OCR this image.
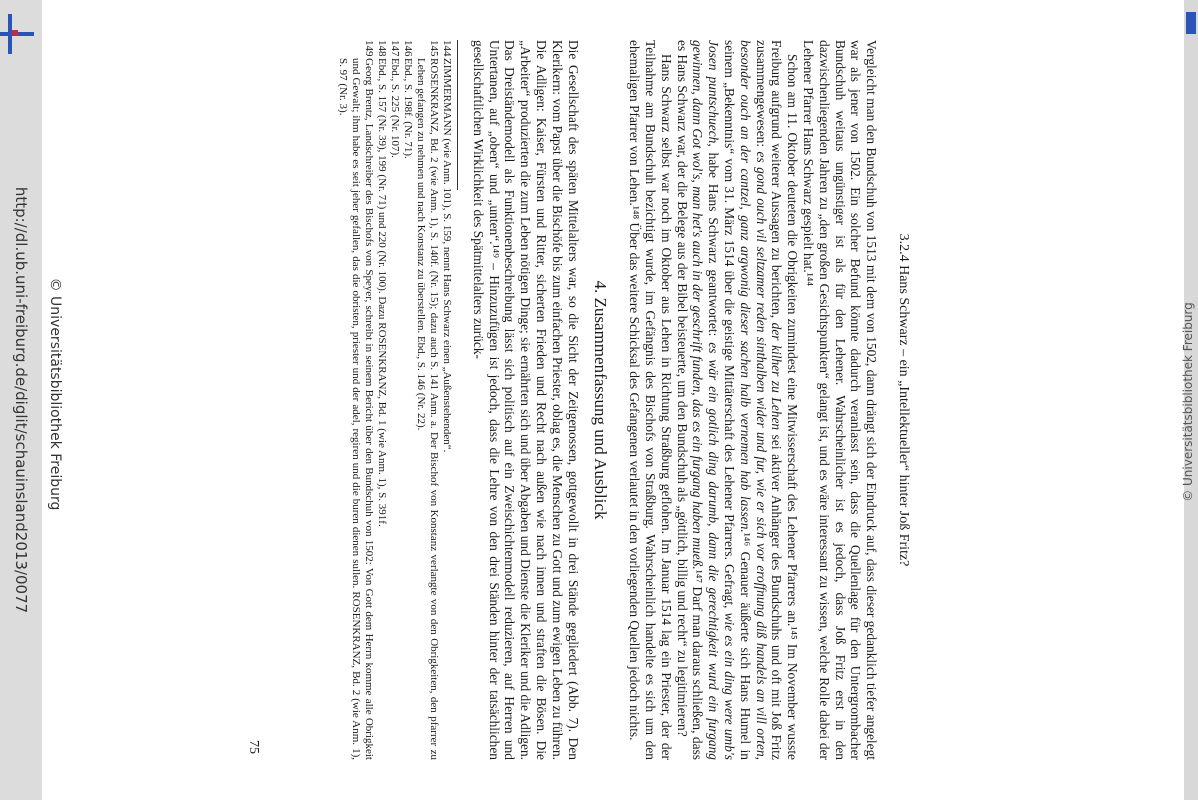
http://dl.ub.uni-freiburg.de/diglit/schauinsland2013/0077	© Universitätsbibliothek Freiburg	© Universitätsbibliothek Freiburg
3.2.4 Hans Schwarz – ein „Intellektueller“ hinter Joß Fritz?

Vergleicht man den Bundschuh von 1513 mit dem von 1502, dann drängt sich der Eindruck auf, dass dieser gedanklich tiefer angelegt war als jener von 1502. Ein solcher Befund könnte dadurch veranlasst sein, dass die Quellenlage für den Untergrombacher Bundschuh weitaus ungünstiger ist als für den Lehener. Wahrscheinlicher ist es jedoch, dass Joß Fritz erst in den dazwischenliegenden Jahren zu „den großen Gesichtspunkten“ gelangt ist, und es wäre interessant zu wissen, welche Rolle dabei der Lehener Pfarrer Hans Schwarz gespielt hat.¹⁴⁴

Schon am 11. Oktober deuteten die Obrigkeiten zumindest eine Mitwisserschaft des Lehener Pfarrers an.¹⁴⁵ Im November wusste Freiburg aufgrund weiterer Aussagen zu berichten, der kilher zu Lehen sei aktiver Anhänger des Bundschuhs und oft mit Joß Fritz zusammengewesen: es gond ouch vil seltzamer reden sinthalben wider und fur, wie er sich vor eroffnung diß handels an vill orten, besonder ouch an der cantzel, ganz argwonig dieser sachen halb vernemen hab lassen.¹⁴⁶ Genauer äußerte sich Hans Humel in seinem „Bekenntnis“ vom 31. März 1514 über die geistige Mittäterschaft des Lehener Pfarrers. Gefragt, wie es ein ding were umb's Josen puntschuech, habe Hans Schwarz geantwortet: es wär ein gotlich ding darumb, dann die gerechtigkeit wurd ein furgang gewinnen, dann Got wol's, man het's auch in der geschrift funden, das es ein furgang haben mueß.¹⁴⁷ Darf man daraus schließen, dass es Hans Schwarz war, der die Belege aus der Bibel beisteuerte, um den Bundschuh als „göttlich, billig und recht“ zu legitimieren?

Hans Schwarz selbst war noch im Oktober aus Lehen in Richtung Straßburg geflohen. Im Januar 1514 lag ein Priester, der der Teilnahme am Bundschuh bezichtigt wurde, im Gefängnis des Bischofs von Straßburg. Wahrscheinlich handelte es sich um den ehemaligen Pfarrer von Lehen.¹⁴⁸ Über das weitere Schicksal des Gefangenen verlautet in den vorliegenden Quellen jedoch nichts.

4. Zusammenfassung und Ausblick

Die Gesellschaft des späten Mittelalters war, so die Sicht der Zeitgenossen, gottgewollt in drei Stände gegliedert (Abb. 7). Den Klerikern: vom Papst über die Bischöfe bis zum einfachen Priester, oblag es, die Menschen zu Gott und zum ewigen Leben zu führen. Die Adligen: Kaiser, Fürsten und Ritter, sicherten Frieden und Recht nach außen wie nach innen und straften die Bösen. Die „Arbeiter“ produzierten die zum Leben nötigen Dinge; sie ernährten sich und über Abgaben und Dienste die Kleriker und die Adligen. Das Dreiständemodell als Funktionenbeschreibung lässt sich politisch auf ein Zweischichtenmodell reduzieren, auf Herren und Untertanen, auf „oben“ und „unten“.¹⁴⁹ – Hinzuzufügen ist jedoch, dass die Lehre von den drei Ständen hinter der tatsächlichen gesellschaftlichen Wirklichkeit des Spätmittelalters zurück-

144
ZIMMERMANN (wie Anm. 101), S. 159, nennt Hans Schwarz einen „Außenstehenden“.
145
ROSENKRANZ, Bd. 2 (wie Anm. 1), S. 140f. (Nr. 15); dazu auch S. 141 Anm. a. Der Bischof von Konstanz verlangte von den Obrigkeiten, den pfarrer zu Lehen gefangen zu nehmen und nach Konstanz zu überstellen. Ebd., S. 146 (Nr. 22).
146
Ebd., S. 198f. (Nr. 71).
147
Ebd., S. 225 (Nr. 107).
148
Ebd., S. 157 (Nr. 39), 199 (Nr. 71) und 220 (Nr. 100). Dazu ROSENKRANZ, Bd. 1 (wie Anm. 1), S. 391f.
149
Georg Brentz, Landschreiber des Bischofs von Speyer, schreibt in seinem Bericht über den Bundschuh von 1502: Von Gott dem Herrn komme alle Obrigkeit und Gewalt; ihm habe es seit jeher gefallen, das die obristen, priester und der adel, regiren und die buren dienen sullen. ROSENKRANZ, Bd. 2 (wie Anm. 1), S. 97 (Nr. 3).
75
